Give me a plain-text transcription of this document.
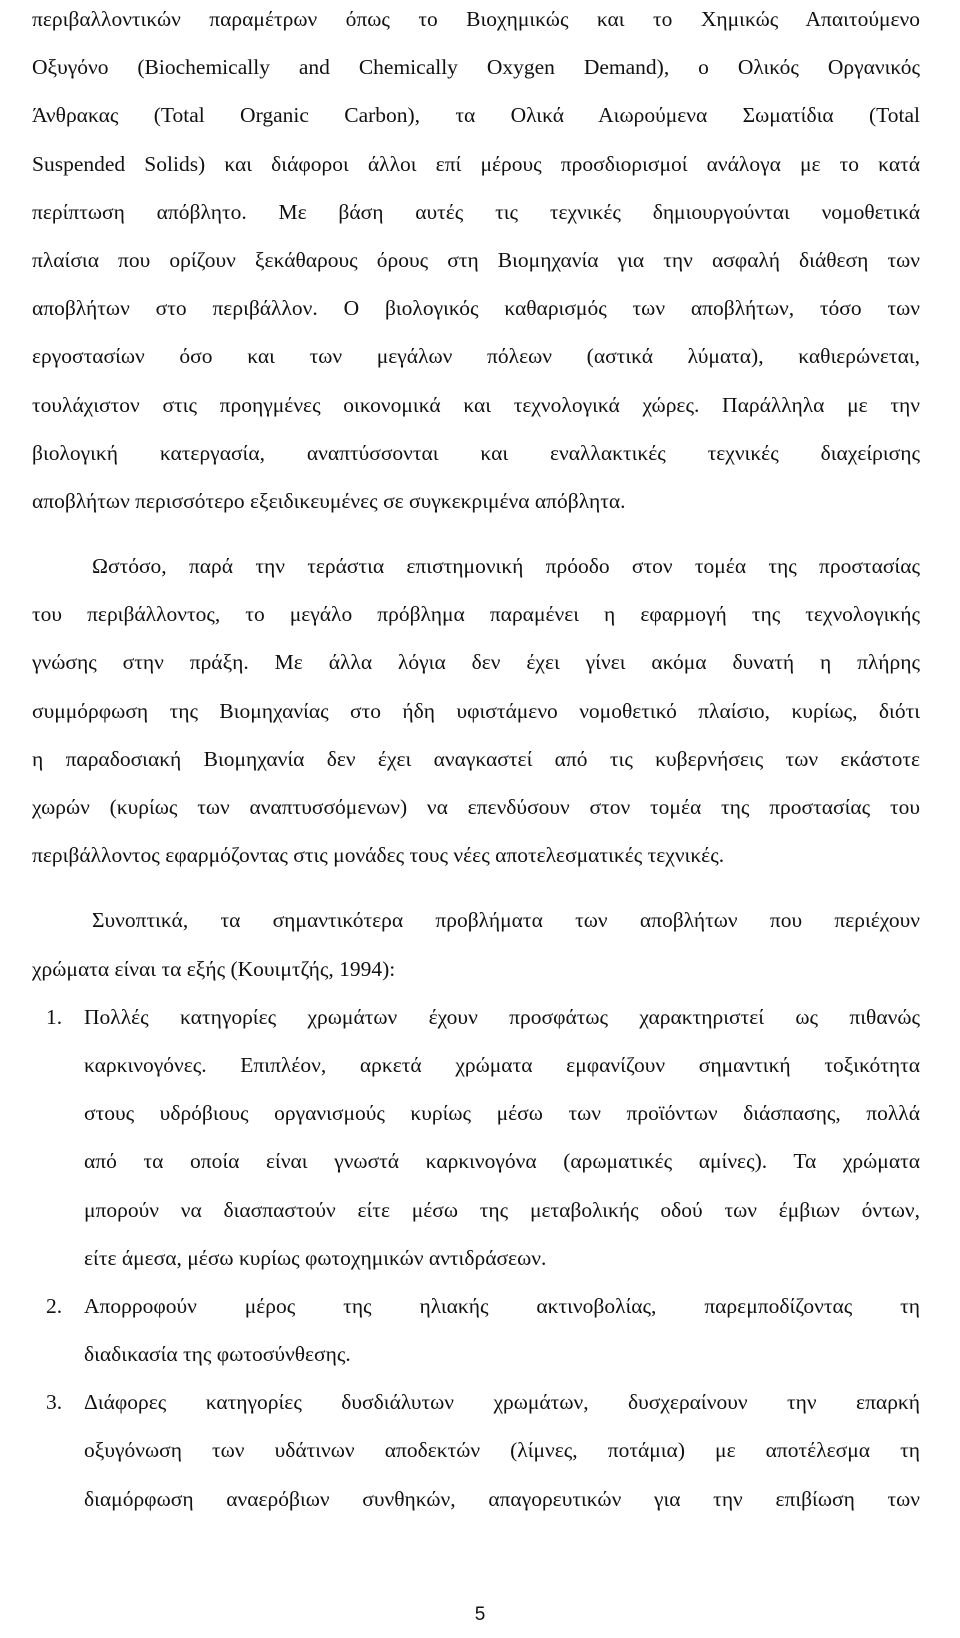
περιβαλλοντικών παραμέτρων όπως το Βιοχημικώς και το Χημικώς Απαιτούμενο
Οξυγόνο (Biochemically and Chemically Oxygen Demand), ο Ολικός Οργανικός
Άνθρακας (Total Organic Carbon), τα Ολικά Αιωρούμενα Σωματίδια (Total
Suspended Solids) και διάφοροι άλλοι επί μέρους προσδιορισμοί ανάλογα με το κατά
περίπτωση απόβλητο. Με βάση αυτές τις τεχνικές δημιουργούνται νομοθετικά
πλαίσια που ορίζουν ξεκάθαρους όρους στη Βιομηχανία για την ασφαλή διάθεση των
αποβλήτων στο περιβάλλον. Ο βιολογικός καθαρισμός των αποβλήτων, τόσο των
εργοστασίων όσο και των μεγάλων πόλεων (αστικά λύματα), καθιερώνεται,
τουλάχιστον στις προηγμένες οικονομικά και τεχνολογικά χώρες. Παράλληλα με την
βιολογική κατεργασία, αναπτύσσονται και εναλλακτικές τεχνικές διαχείρισης
αποβλήτων περισσότερο εξειδικευμένες σε συγκεκριμένα απόβλητα.
Ωστόσο, παρά την τεράστια επιστημονική πρόοδο στον τομέα της προστασίας
του περιβάλλοντος, το μεγάλο πρόβλημα παραμένει η εφαρμογή της τεχνολογικής
γνώσης στην πράξη. Με άλλα λόγια δεν έχει γίνει ακόμα δυνατή η πλήρης
συμμόρφωση της Βιομηχανίας στο ήδη υφιστάμενο νομοθετικό πλαίσιο, κυρίως, διότι
η παραδοσιακή Βιομηχανία δεν έχει αναγκαστεί από τις κυβερνήσεις των εκάστοτε
χωρών (κυρίως των αναπτυσσόμενων) να επενδύσουν στον τομέα της προστασίας του
περιβάλλοντος εφαρμόζοντας στις μονάδες τους νέες αποτελεσματικές τεχνικές.
Συνοπτικά, τα σημαντικότερα προβλήματα των αποβλήτων που περιέχουν
χρώματα είναι τα εξής (Κουιμτζής, 1994):
1. Πολλές κατηγορίες χρωμάτων έχουν προσφάτως χαρακτηριστεί ως πιθανώς
καρκινογόνες. Επιπλέον, αρκετά χρώματα εμφανίζουν σημαντική τοξικότητα
στους υδρόβιους οργανισμούς κυρίως μέσω των προϊόντων διάσπασης, πολλά
από τα οποία είναι γνωστά καρκινογόνα (αρωματικές αμίνες). Τα χρώματα
μπορούν να διασπαστούν είτε μέσω της μεταβολικής οδού των έμβιων όντων,
είτε άμεσα, μέσω κυρίως φωτοχημικών αντιδράσεων.
2. Απορροφούν μέρος της ηλιακής ακτινοβολίας, παρεμποδίζοντας τη
διαδικασία της φωτοσύνθεσης.
3. Διάφορες κατηγορίες δυσδιάλυτων χρωμάτων, δυσχεραίνουν την επαρκή
οξυγόνωση των υδάτινων αποδεκτών (λίμνες, ποτάμια) με αποτέλεσμα τη
διαμόρφωση αναερόβιων συνθηκών, απαγορευτικών για την επιβίωση των
5
